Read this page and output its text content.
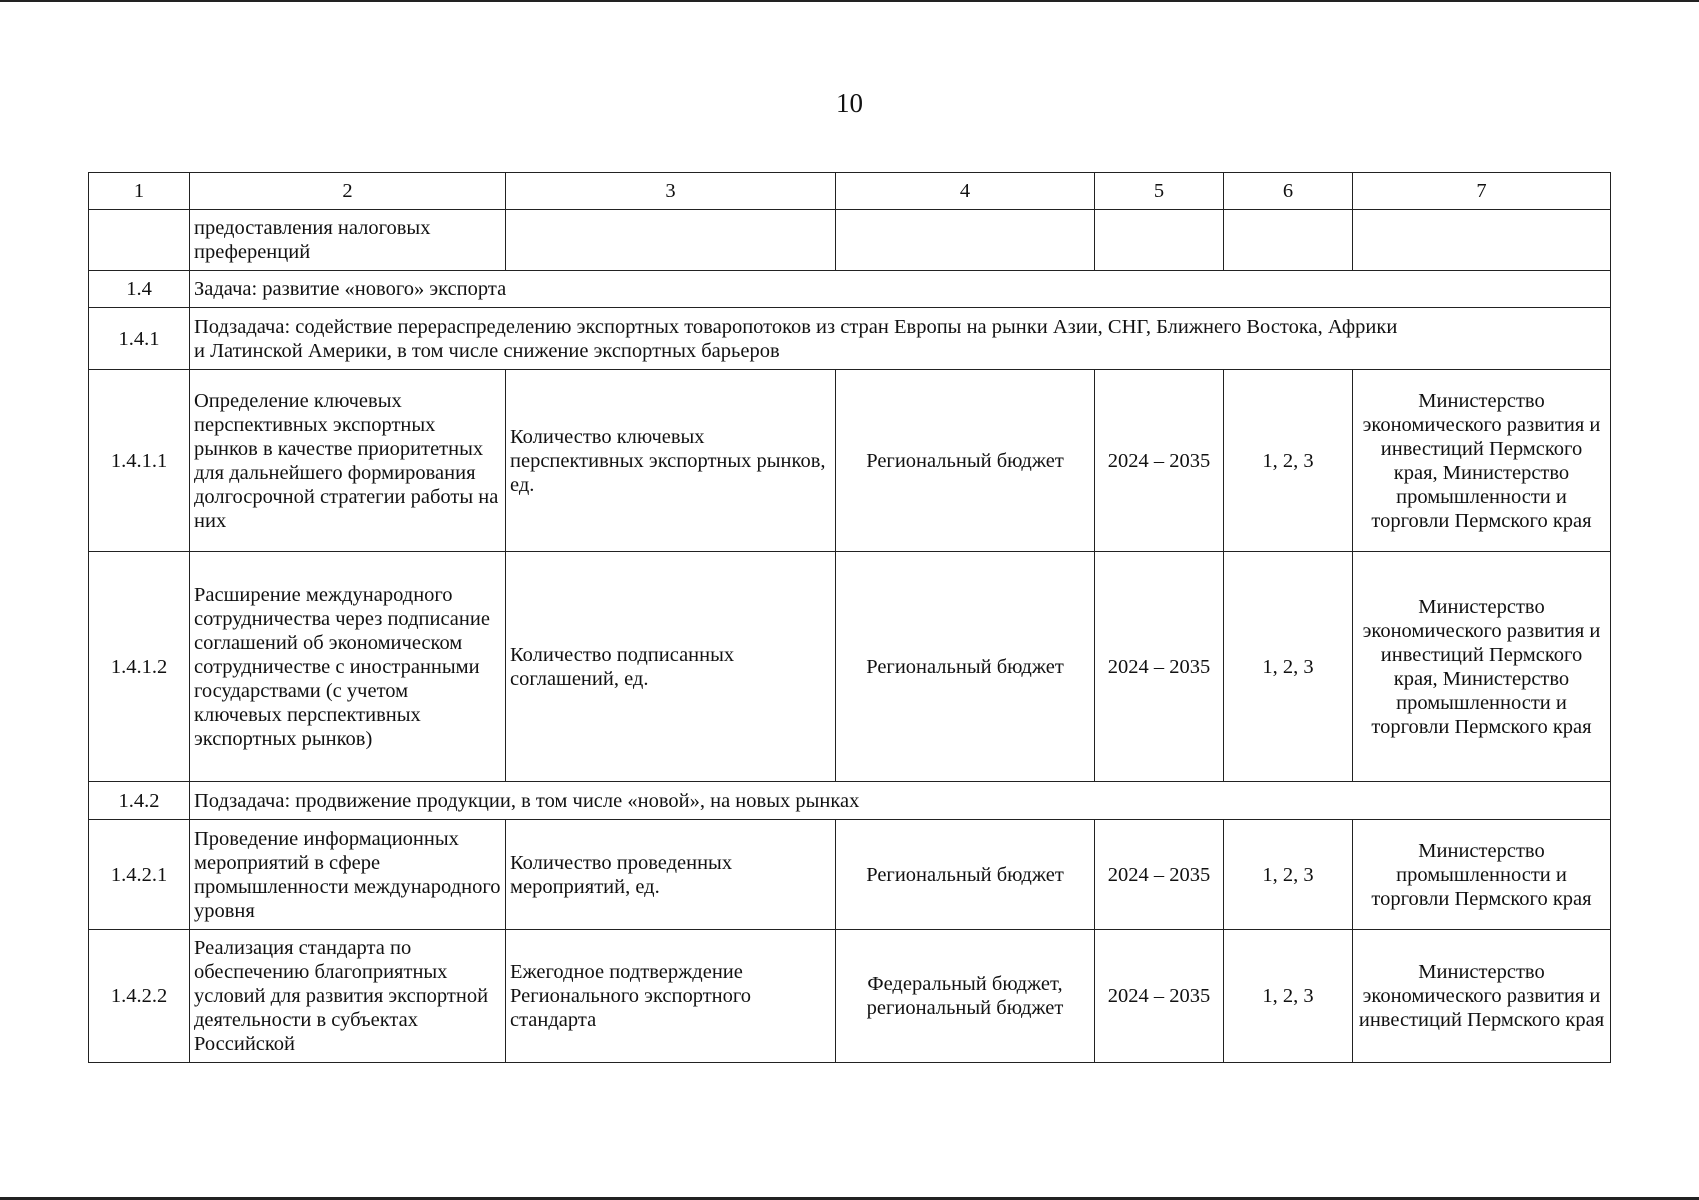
10
1	2	3	4	5	6	7
	предоставления налоговых преференций					
1.4	Задача: развитие «нового» экспорта					
1.4.1	Подзадача: содействие перераспределению экспортных товаропотоков из стран Европы на рынки Азии, СНГ, Ближнего Востока, Африки
и Латинской Америки, в том числе снижение экспортных барьеров					

1.4.1.1	Определение ключевых перспективных экспортных рынков в качестве приоритетных для дальнейшего формирования долгосрочной стратегии работы на них	Количество ключевых перспективных экспортных рынков, ед.	Региональный бюджет	2024 – 2035	1, 2, 3	Министерство экономического развития и инвестиций Пермского края, Министерство промышленности и торговли Пермского края
1.4.1.2	Расширение международного сотрудничества через подписание соглашений об экономическом сотрудничестве с иностранными государствами (с учетом ключевых перспективных экспортных рынков)	Количество подписанных соглашений, ед.	Региональный бюджет	2024 – 2035	1, 2, 3	Министерство экономического развития и инвестиций Пермского края, Министерство промышленности и торговли Пермского края
1.4.2	Подзадача: продвижение продукции, в том числе «новой», на новых рынках					
1.4.2.1	Проведение информационных мероприятий в сфере промышленности международного уровня	Количество проведенных мероприятий, ед.	Региональный бюджет	2024 – 2035	1, 2, 3	Министерство промышленности и торговли Пермского края
1.4.2.2	Реализация стандарта по обеспечению благоприятных условий для развития экспортной деятельности в субъектах Российской	Ежегодное подтверждение Регионального экспортного стандарта	Федеральный бюджет, региональный бюджет	2024 – 2035	1, 2, 3	Министерство экономического развития и инвестиций Пермского края
